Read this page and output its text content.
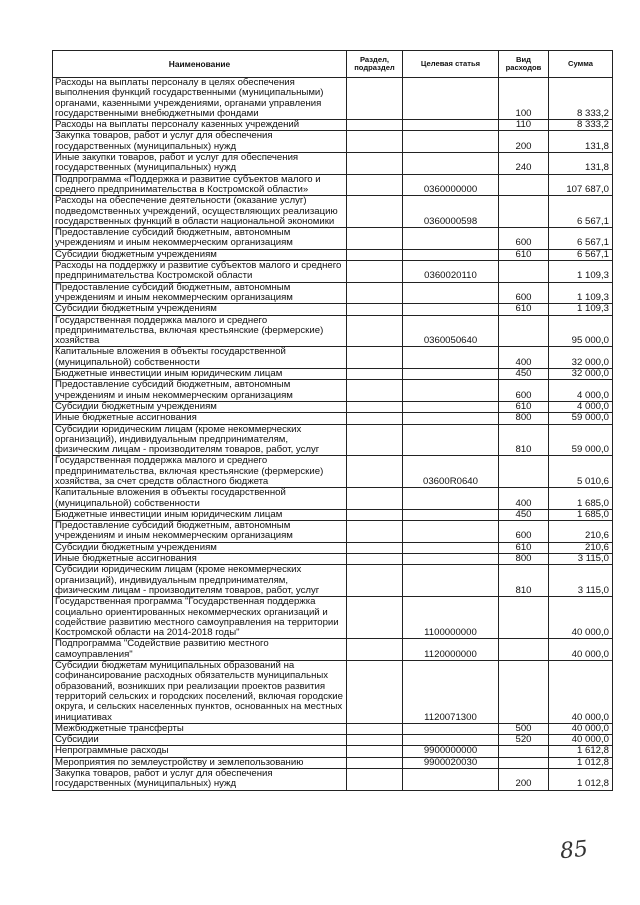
Наименование	Раздел, подраздел	Целевая статья	Вид расходов	Сумма
Расходы на выплаты персоналу в целях обеспечения выполнения функций государственными (муниципальными) органами, казенными учреждениями, органами управления государственными внебюджетными фондами			100	8 333,2
Расходы на выплаты персоналу казенных учреждений			110	8 333,2
Закупка товаров, работ и услуг для обеспечения государственных (муниципальных) нужд			200	131,8
Иные закупки товаров, работ и услуг для обеспечения государственных (муниципальных) нужд			240	131,8
Подпрограмма «Поддержка и развитие субъектов малого и среднего предпринимательства в Костромской области»		0360000000		107 687,0
Расходы на обеспечение деятельности (оказание услуг) подведомственных учреждений, осуществляющих реализацию государственных функций в области национальной экономики		0360000598		6 567,1
Предоставление субсидий бюджетным, автономным учреждениям и иным некоммерческим организациям			600	6 567,1
Субсидии бюджетным учреждениям			610	6 567,1
Расходы на поддержку и развитие субъектов малого и среднего предпринимательства Костромской области		0360020110		1 109,3
Предоставление субсидий бюджетным, автономным учреждениям и иным некоммерческим организациям			600	1 109,3
Субсидии бюджетным учреждениям			610	1 109,3
Государственная поддержка малого и среднего предпринимательства, включая крестьянские (фермерские) хозяйства		0360050640		95 000,0
Капитальные вложения в объекты государственной (муниципальной) собственности			400	32 000,0
Бюджетные инвестиции иным юридическим лицам			450	32 000,0
Предоставление субсидий бюджетным, автономным учреждениям и иным некоммерческим организациям			600	4 000,0
Субсидии бюджетным учреждениям			610	4 000,0
Иные бюджетные ассигнования			800	59 000,0
Субсидии юридическим лицам (кроме некоммерческих организаций), индивидуальным предпринимателям, физическим лицам - производителям товаров, работ, услуг			810	59 000,0
Государственная поддержка малого и среднего предпринимательства, включая крестьянские (фермерские) хозяйства, за счет средств областного бюджета		03600R0640		5 010,6
Капитальные вложения в объекты государственной (муниципальной) собственности			400	1 685,0
Бюджетные инвестиции иным юридическим лицам			450	1 685,0
Предоставление субсидий бюджетным, автономным учреждениям и иным некоммерческим организациям			600	210,6
Субсидии бюджетным учреждениям			610	210,6
Иные бюджетные ассигнования			800	3 115,0
Субсидии юридическим лицам (кроме некоммерческих организаций), индивидуальным предпринимателям, физическим лицам - производителям товаров, работ, услуг			810	3 115,0
Государственная программа "Государственная поддержка социально ориентированных некоммерческих организаций и содействие развитию местного самоуправления на территории Костромской области на 2014-2018 годы"		1100000000		40 000,0
Подпрограмма "Содействие развитию местного самоуправления"		1120000000		40 000,0
Субсидии бюджетам муниципальных образований на софинансирование расходных обязательств муниципальных образований, возникших при реализации проектов развития территорий сельских и городских поселений, включая городские округа, и сельских населенных пунктов, основанных на местных инициативах		1120071300		40 000,0
Межбюджетные трансферты			500	40 000,0
Субсидии			520	40 000,0
Непрограммные расходы		9900000000		1 612,8
Мероприятия по землеустройству и землепользованию		9900020030		1 012,8
Закупка товаров, работ и услуг для обеспечения государственных (муниципальных) нужд			200	1 012,8
85
